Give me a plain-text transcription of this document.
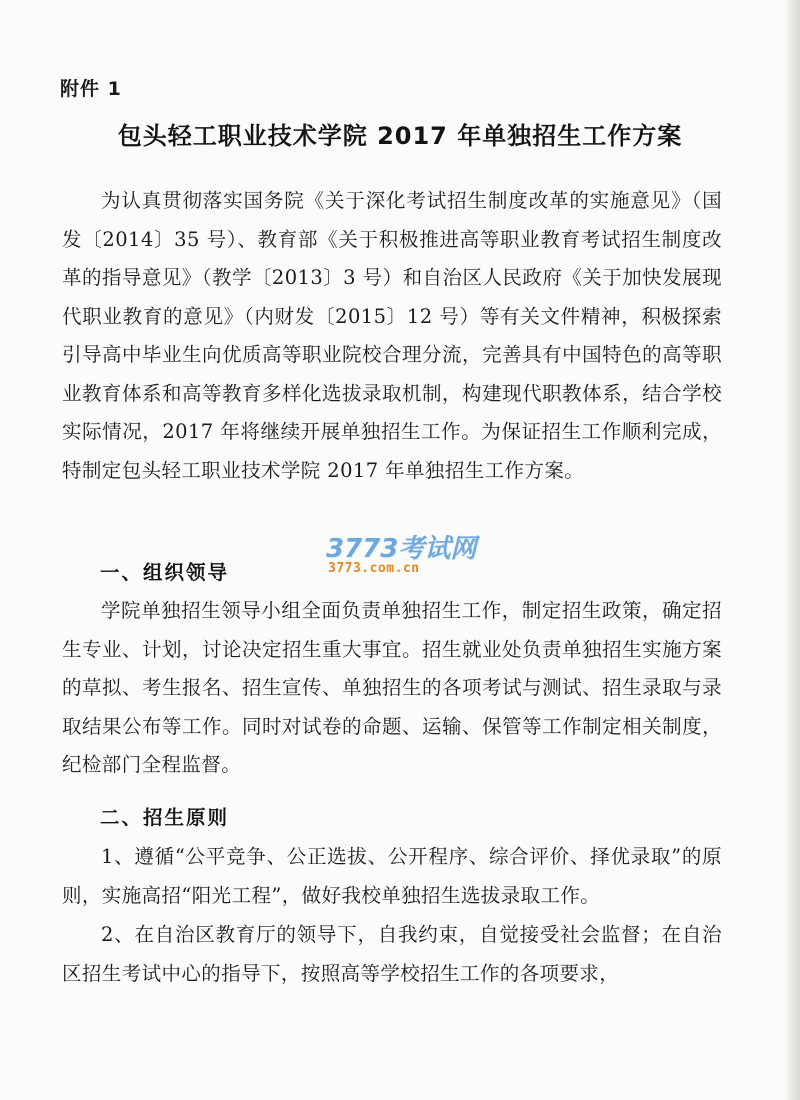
附件 1
包头轻工职业技术学院 2017 年单独招生工作方案
为认真贯彻落实国务院《关于深化考试招生制度改革的实施意见》（国发〔2014〕35 号）、教育部《关于积极推进高等职业教育考试招生制度改革的指导意见》（教学〔2013〕3 号）和自治区人民政府《关于加快发展现代职业教育的意见》（内财发〔2015〕12 号）等有关文件精神，积极探索引导高中毕业生向优质高等职业院校合理分流，完善具有中国特色的高等职业教育体系和高等教育多样化选拔录取机制，构建现代职教体系，结合学校实际情况，2017 年将继续开展单独招生工作。为保证招生工作顺利完成，特制定包头轻工职业技术学院 2017 年单独招生工作方案。
3773考试网
3773.com.cn
一、组织领导
学院单独招生领导小组全面负责单独招生工作，制定招生政策，确定招生专业、计划，讨论决定招生重大事宜。招生就业处负责单独招生实施方案的草拟、考生报名、招生宣传、单独招生的各项考试与测试、招生录取与录取结果公布等工作。同时对试卷的命题、运输、保管等工作制定相关制度，纪检部门全程监督。
二、招生原则
1、遵循“公平竞争、公正选拔、公开程序、综合评价、择优录取”的原则，实施高招“阳光工程”，做好我校单独招生选拔录取工作。
2、在自治区教育厅的领导下，自我约束，自觉接受社会监督；在自治区招生考试中心的指导下，按照高等学校招生工作的各项要求，
